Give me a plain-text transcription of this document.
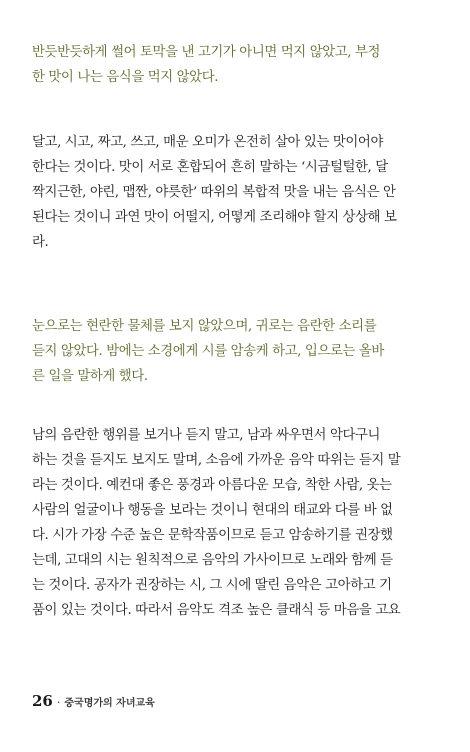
반듯반듯하게 썰어 토막을 낸 고기가 아니면 먹지 않았고, 부정
한 맛이 나는 음식을 먹지 않았다.
달고, 시고, 짜고, 쓰고, 매운 오미가 온전히 살아 있는 맛이어야
한다는 것이다. 맛이 서로 혼합되어 흔히 말하는 ‘시금털털한, 달
짝지근한, 야린, 맵짠, 야릇한’ 따위의 복합적 맛을 내는 음식은 안
된다는 것이니 과연 맛이 어떨지, 어떻게 조리해야 할지 상상해 보
라.
눈으로는 현란한 물체를 보지 않았으며, 귀로는 음란한 소리를
듣지 않았다. 밤에는 소경에게 시를 암송케 하고, 입으로는 올바
른 일을 말하게 했다.
남의 음란한 행위를 보거나 듣지 말고, 남과 싸우면서 악다구니
하는 것을 듣지도 보지도 말며, 소음에 가까운 음악 따위는 듣지 말
라는 것이다. 예컨대 좋은 풍경과 아름다운 모습, 착한 사람, 옷는
사람의 얼굴이나 행동을 보라는 것이니 현대의 태교와 다를 바 없
다. 시가 가장 수준 높은 문학작품이므로 듣고 암송하기를 권장했
는데, 고대의 시는 원칙적으로 음악의 가사이므로 노래와 함께 듣
는 것이다. 공자가 권장하는 시, 그 시에 딸린 음악은 고아하고 기
품이 있는 것이다. 따라서 음악도 격조 높은 클래식 등 마음을 고요
26 · 중국명가의 자녀교육
